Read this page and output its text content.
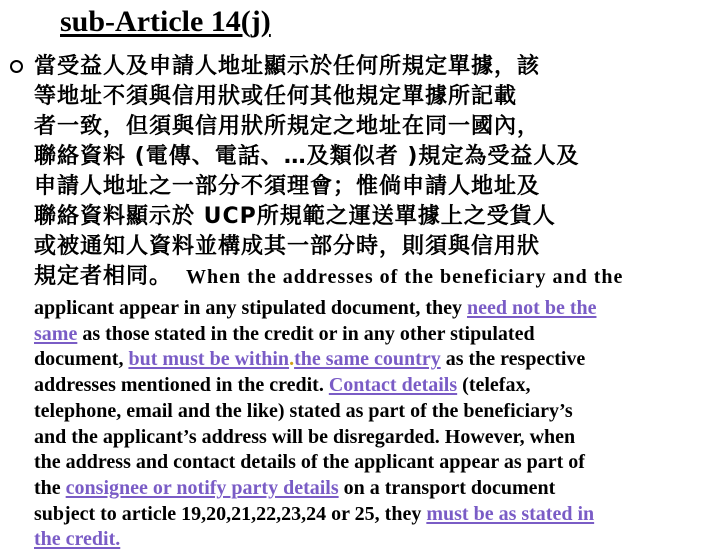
sub-Article 14(j)
當受益人及申請人地址顯示於任何所規定單據，該
等地址不須與信用狀或任何其他規定單據所記載
者一致，但須與信用狀所規定之地址在同一國內，
聯絡資料 (電傳、電話、…及類似者 )規定為受益人及
申請人地址之一部分不須理會；惟倘申請人地址及
聯絡資料顯示於 UCP所規範之運送單據上之受貨人
或被通知人資料並構成其一部分時，則須與信用狀
規定者相同。 When the addresses of the beneficiary and the
applicant appear in any stipulated document, they need not be the
same as those stated in the credit or in any other stipulated
document, but must be within.the same country as the respective
addresses mentioned in the credit. Contact details (telefax,
telephone, email and the like) stated as part of the beneficiary’s
and the applicant’s address will be disregarded. However, when
the address and contact details of the applicant appear as part of
the consignee or notify party details on a transport document
subject to article 19,20,21,22,23,24 or 25, they must be as stated in
the credit.
